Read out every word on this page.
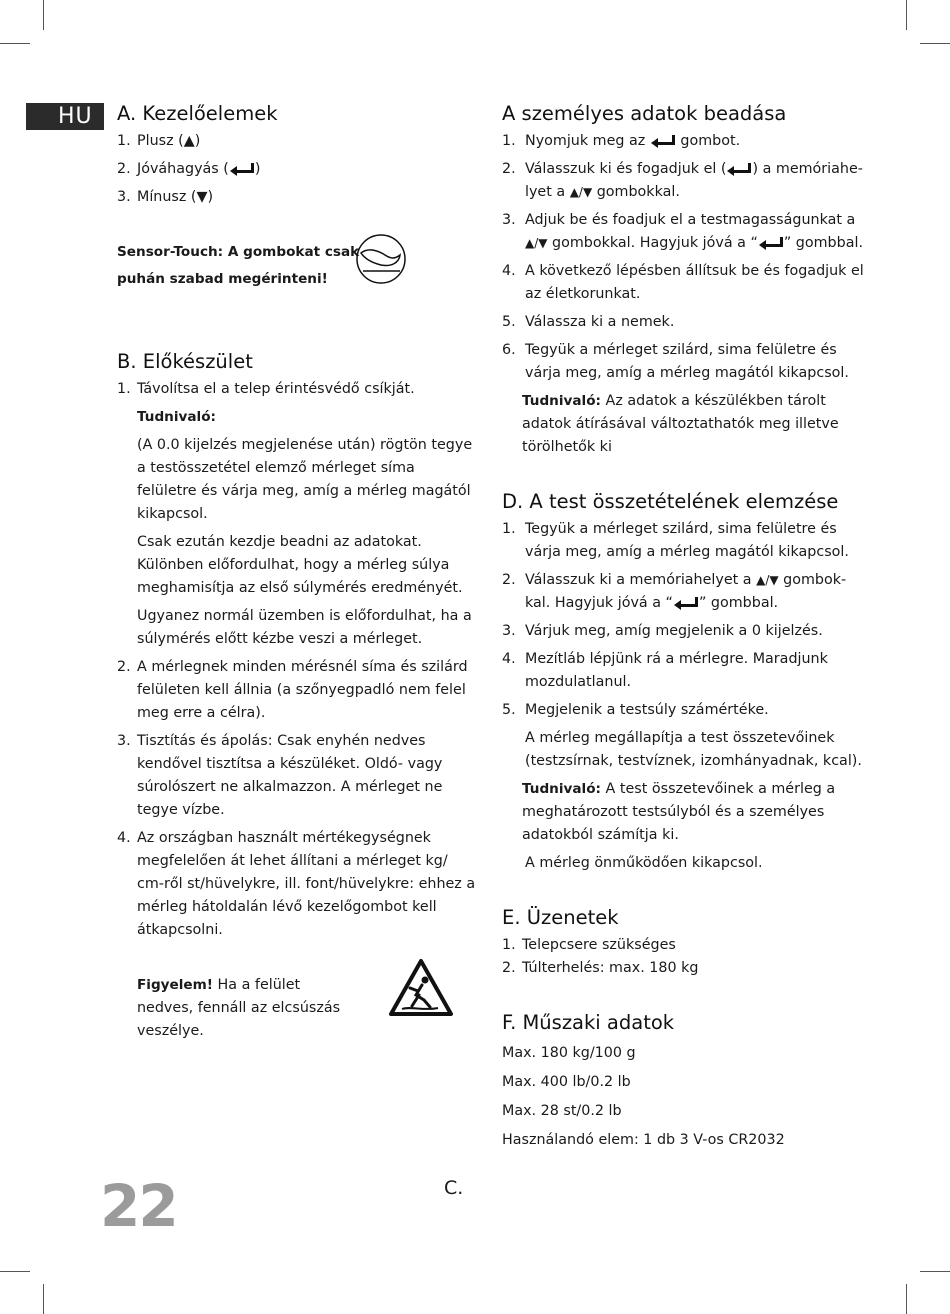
HU A. Kezelőelemek
1. Plusz (▲)
2. Jóváhagyás ( )
3. Mínusz (▼)
Sensor-Touch: A gombokat csak
puhán szabad megérinteni!
B. Előkészület
1. Távolítsa el a telep érintésvédő csíkját.
Tudnivaló:
(A 0.0 kijelzés megjelenése után) rögtön tegye a testösszetétel elemző mérleget síma felületre és várja meg, amíg a mérleg magától kikapcsol.
Csak ezután kezdje beadni az adatokat. Különben előfordulhat, hogy a mérleg súlya meghamisítja az első súlymérés eredményét.
Ugyanez normál üzemben is előfordulhat, ha a súlymérés előtt kézbe veszi a mérleget.
2. A mérlegnek minden mérésnél síma és szilárd felületen kell állnia (a szőnyegpadló nem felel meg erre a célra).
3. Tisztítás és ápolás: Csak enyhén nedves kendővel tisztítsa a készüléket. Oldó- vagy súrolószert ne alkalmazzon. A mérleget ne tegye vízbe.
4. Az országban használt mértékegységnek megfelelően át lehet állítani a mérleget kg/ cm-ről st/hüvelykre, ill. font/hüvelykre: ehhez a mérleg hátoldalán lévő kezelőgombot kell átkapcsolni.
Figyelem! Ha a felület nedves, fennáll az elcsúszás veszélye.
A személyes adatok beadása
1. Nyomjuk meg az  gombot.
2. Válasszuk ki és fogadjuk el ( ) a memóriahe-lyet a ▲/▼ gombokkal.
3. Adjuk be és foadjuk el a testmagasságunkat a ▲/▼ gombokkal. Hagyjuk jóvá a “ ” gombbal.
4. A következő lépésben állítsuk be és fogadjuk el az életkorunkat.
5. Válassza ki a nemek.
6. Tegyük a mérleget szilárd, sima felületre és várja meg, amíg a mérleg magától kikapcsol.
Tudnivaló: Az adatok a készülékben tárolt adatok átírásával változtathatók meg illetve törölhetők ki
D. A test összetételének elemzése
1. Tegyük a mérleget szilárd, sima felületre és várja meg, amíg a mérleg magától kikapcsol.
2. Válasszuk ki a memóriahelyet a ▲/▼ gombok-kal. Hagyjuk jóvá a “ ” gombbal.
3. Várjuk meg, amíg megjelenik a 0 kijelzés.
4. Mezítláb lépjünk rá a mérlegre. Maradjunk mozdulatlanul.
5. Megjelenik a testsúly számértéke.
A mérleg megállapítja a test összetevőinek (testzsírnak, testvíznek, izomhányadnak, kcal).
Tudnivaló: A test összetevőinek a mérleg a meghatározott testsúlyból és a személyes adatokból számítja ki.
A mérleg önműködően kikapcsol.
E. Üzenetek
1. Telepcsere szükséges
2. Túlterhelés: max. 180 kg
F. Műszaki adatok
Max. 180 kg/100 g
Max. 400 lb/0.2 lb
Max. 28 st/0.2 lb
Használandó elem: 1 db 3 V-os CR2032
22	C.
